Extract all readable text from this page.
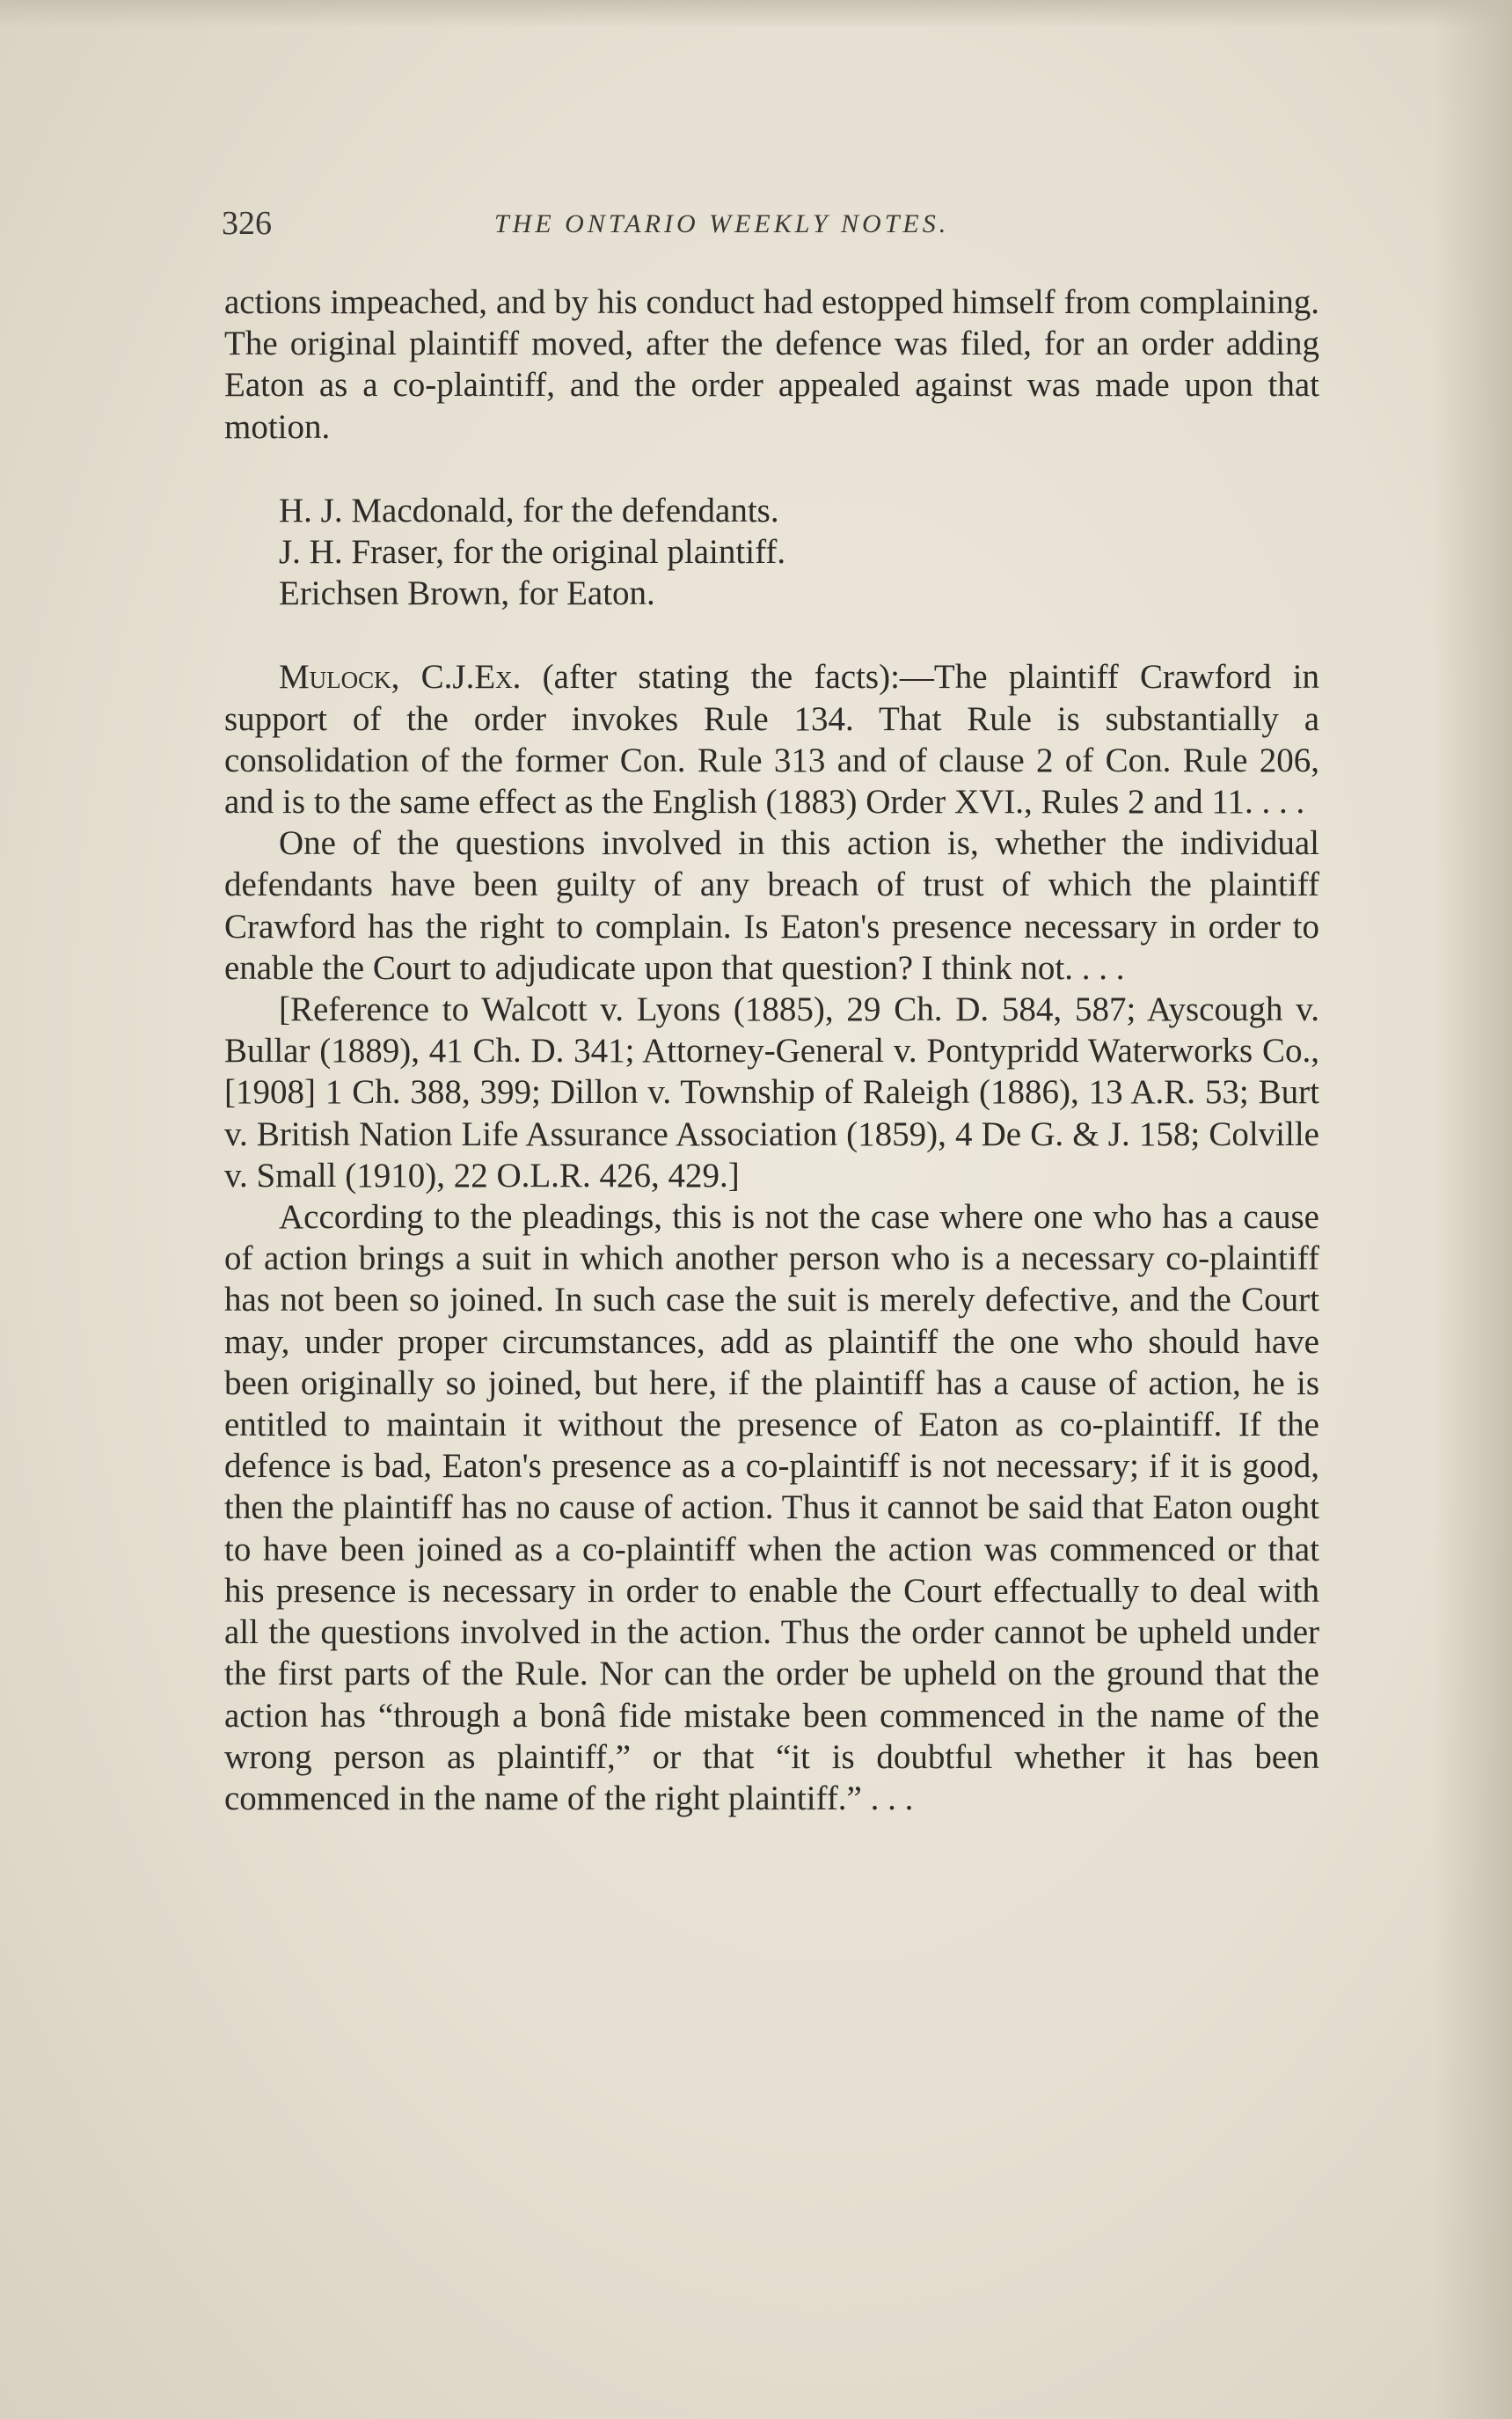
326	THE ONTARIO WEEKLY NOTES.

actions impeached, and by his conduct had estopped himself from complaining. The original plaintiff moved, after the defence was filed, for an order adding Eaton as a co-plaintiff, and the order appealed against was made upon that motion.

H. J. Macdonald, for the defendants.

J. H. Fraser, for the original plaintiff.

Erichsen Brown, for Eaton.

Mulock, C.J.Ex. (after stating the facts):—The plaintiff Crawford in support of the order invokes Rule 134. That Rule is substantially a consolidation of the former Con. Rule 313 and of clause 2 of Con. Rule 206, and is to the same effect as the English (1883) Order XVI., Rules 2 and 11. . . .

One of the questions involved in this action is, whether the individual defendants have been guilty of any breach of trust of which the plaintiff Crawford has the right to complain. Is Eaton's presence necessary in order to enable the Court to adjudicate upon that question? I think not. . . .

[Reference to Walcott v. Lyons (1885), 29 Ch. D. 584, 587; Ayscough v. Bullar (1889), 41 Ch. D. 341; Attorney-General v. Pontypridd Waterworks Co., [1908] 1 Ch. 388, 399; Dillon v. Township of Raleigh (1886), 13 A.R. 53; Burt v. British Nation Life Assurance Association (1859), 4 De G. & J. 158; Colville v. Small (1910), 22 O.L.R. 426, 429.]

According to the pleadings, this is not the case where one who has a cause of action brings a suit in which another person who is a necessary co-plaintiff has not been so joined. In such case the suit is merely defective, and the Court may, under proper circumstances, add as plaintiff the one who should have been originally so joined, but here, if the plaintiff has a cause of action, he is entitled to maintain it without the presence of Eaton as co-plaintiff. If the defence is bad, Eaton's presence as a co-plaintiff is not necessary; if it is good, then the plaintiff has no cause of action. Thus it cannot be said that Eaton ought to have been joined as a co-plaintiff when the action was commenced or that his presence is necessary in order to enable the Court effectually to deal with all the questions involved in the action. Thus the order cannot be upheld under the first parts of the Rule. Nor can the order be upheld on the ground that the action has “through a bonâ fide mistake been commenced in the name of the wrong person as plaintiff,” or that “it is doubtful whether it has been commenced in the name of the right plaintiff.” . . .
